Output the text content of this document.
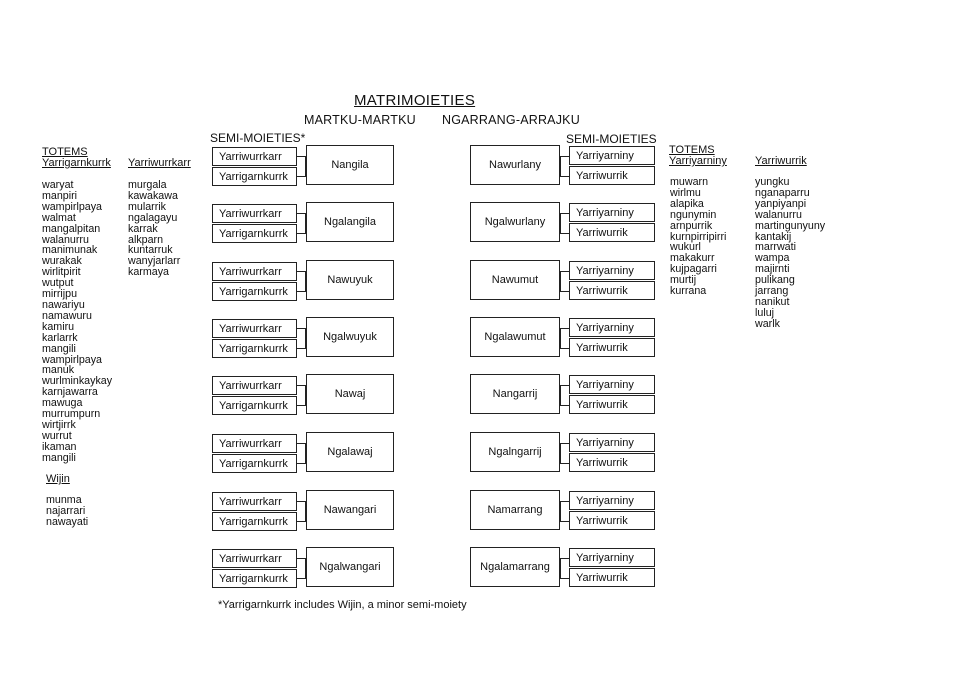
MATRIMOIETIES
MARTKU-MARTKU NGARRANG-ARRAJKU
SEMI-MOIETIES*	SEMI-MOIETIES
TOTEMS
Yarrigarnkurrk Yarriwurrkarr
waryat
manpiri
wampirlpaya
walmat
mangalpitan
walanurru
manimunak
wurakak
wirlitpirit
wutput
mirrijpu
nawariyu
namawuru
kamiru
karlarrk
mangili
wampirlpaya
manuk
wurlminkaykay
karnjawarra
mawuga
murrumpurn
wirtjirrk
wurrut
ikaman
mangili
murgala
kawakawa
mularrik
ngalagayu
karrak
alkparn
kuntarruk
wanyjarlarr
karmaya
Wijin
munma
najarrari
nawayati
TOTEMS
Yarriyarniny	Yarriwurrik
muwarn
wirlmu
alapika
ngunymin
arnpurrik
kurnpirripirri
wukurl
makakurr
kujpagarri
murtij
kurrana
yungku
nganaparru
yanpiyanpi
walanurru
martingunyuny
kantakij
marrwati
wampa
majirnti
pulikang
jarrang
nanikut
luluj
warlk
Yarriwurrkarr
Yarrigarnkurrk
Nangila	Nawurlany
Yarriyarniny
Yarriwurrik
Yarriwurrkarr
Yarrigarnkurrk
Ngalangila	Ngalwurlany
Yarriyarniny
Yarriwurrik
Yarriwurrkarr
Yarrigarnkurrk
Nawuyuk	Nawumut
Yarriyarniny
Yarriwurrik
Yarriwurrkarr
Yarrigarnkurrk
Ngalwuyuk	Ngalawumut
Yarriyarniny
Yarriwurrik
Yarriwurrkarr
Yarrigarnkurrk
Nawaj	Nangarrij
Yarriyarniny
Yarriwurrik
Yarriwurrkarr
Yarrigarnkurrk
Ngalawaj	Ngalngarrij
Yarriyarniny
Yarriwurrik
Yarriwurrkarr
Yarrigarnkurrk
Nawangari	Namarrang
Yarriyarniny
Yarriwurrik
Yarriwurrkarr
Yarrigarnkurrk
Ngalwangari	Ngalamarrang
Yarriyarniny
Yarriwurrik
*Yarrigarnkurrk includes Wijin, a minor semi-moiety
